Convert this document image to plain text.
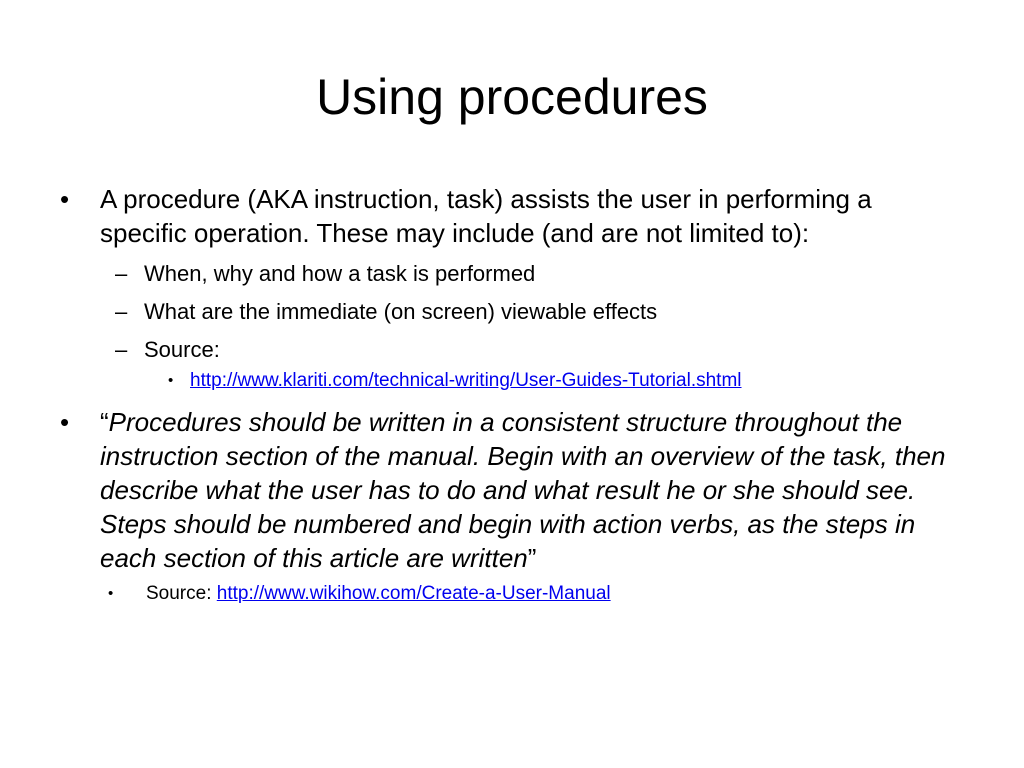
Using procedures
• A procedure (AKA instruction, task) assists the user in performing a specific operation. These may include (and are not limited to):
– When, why and how a task is performed
– What are the immediate (on screen) viewable effects
– Source:
• http://www.klariti.com/technical-writing/User-Guides-Tutorial.shtml
• “Procedures should be written in a consistent structure throughout the instruction section of the manual. Begin with an overview of the task, then describe what the user has to do and what result he or she should see. Steps should be numbered and begin with action verbs, as the steps in each section of this article are written”
• Source: http://www.wikihow.com/Create-a-User-Manual
